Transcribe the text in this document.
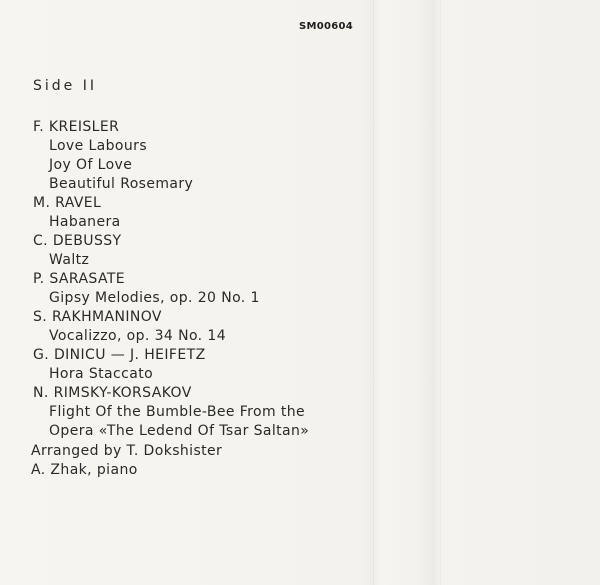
SM00604
Side II
F. KREISLER
Love Labours
Joy Of Love
Beautiful Rosemary
M. RAVEL
Habanera
C. DEBUSSY
Waltz
P. SARASATE
Gipsy Melodies, op. 20 No. 1
S. RAKHMANINOV
Vocalizzo, op. 34 No. 14
G. DINICU — J. HEIFETZ
Hora Staccato
N. RIMSKY-KORSAKOV
Flight Of the Bumble-Bee From the
Opera «The Ledend Of Tsar Saltan»
Arranged by T. Dokshister
A. Zhak, piano
